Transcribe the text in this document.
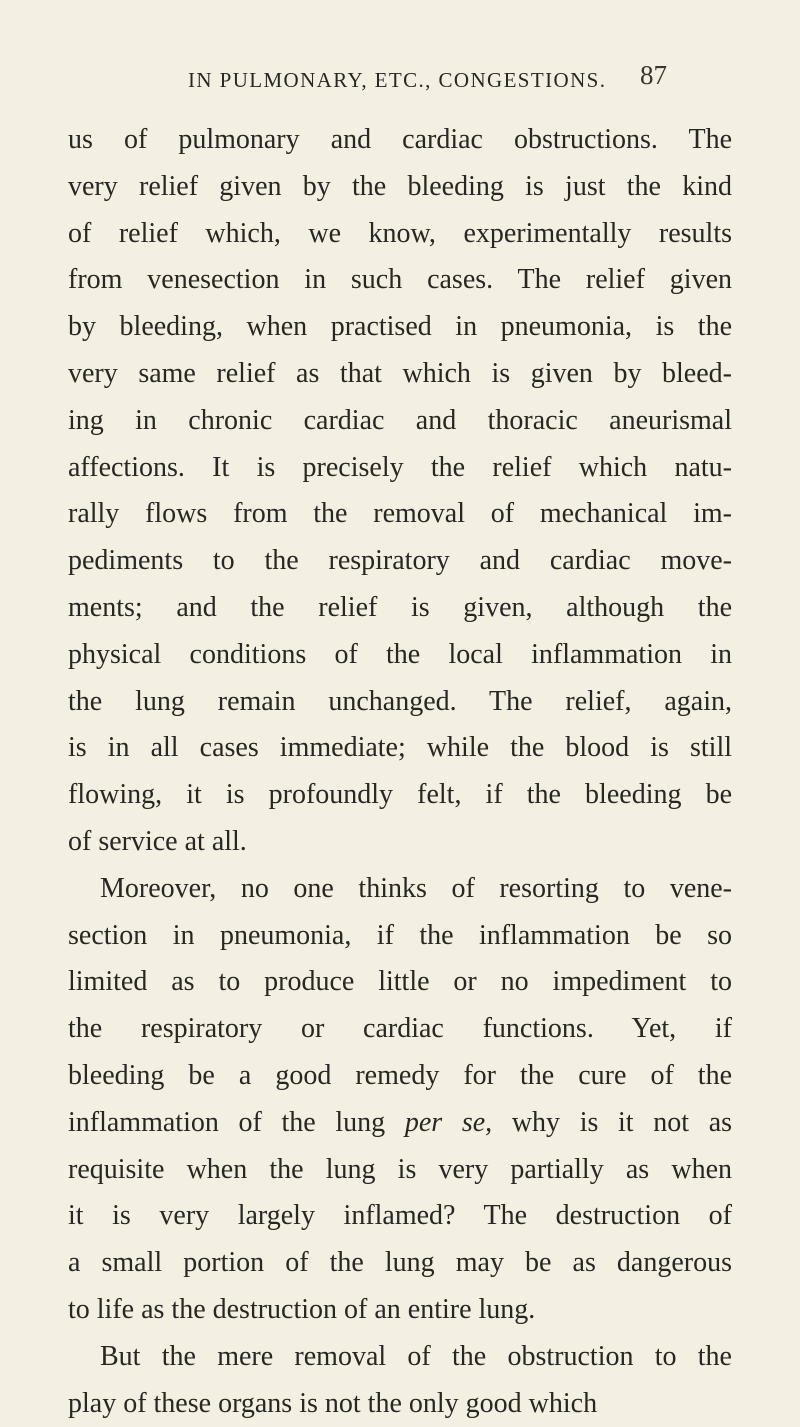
IN PULMONARY, ETC., CONGESTIONS. 87
us of pulmonary and cardiac obstructions. The
very relief given by the bleeding is just the kind
of relief which, we know, experimentally results
from venesection in such cases. The relief given
by bleeding, when practised in pneumonia, is the
very same relief as that which is given by bleed-
ing in chronic cardiac and thoracic aneurismal
affections. It is precisely the relief which natu-
rally flows from the removal of mechanical im-
pediments to the respiratory and cardiac move-
ments; and the relief is given, although the
physical conditions of the local inflammation in
the lung remain unchanged. The relief, again,
is in all cases immediate; while the blood is still
flowing, it is profoundly felt, if the bleeding be
of service at all.
Moreover, no one thinks of resorting to vene-
section in pneumonia, if the inflammation be so
limited as to produce little or no impediment to
the respiratory or cardiac functions. Yet, if
bleeding be a good remedy for the cure of the
inflammation of the lung per se, why is it not as
requisite when the lung is very partially as when
it is very largely inflamed? The destruction of
a small portion of the lung may be as dangerous
to life as the destruction of an entire lung.
But the mere removal of the obstruction to the
play of these organs is not the only good which
